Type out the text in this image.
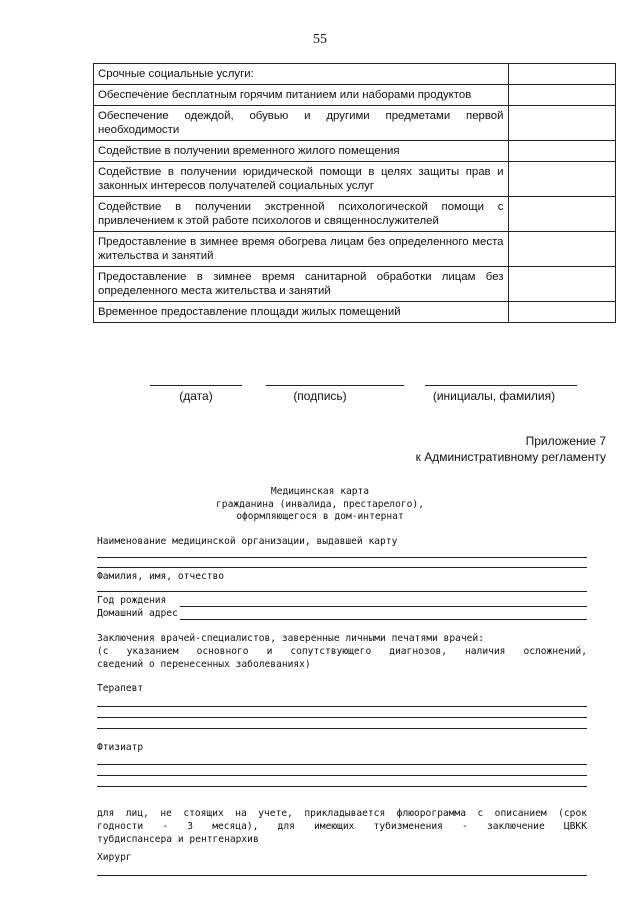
55
Срочные социальные услуги:	
Обеспечение бесплатным горячим питанием или наборами продуктов	
Обеспечение одеждой, обувью и другими предметами первой необходимости	
Содействие в получении временного жилого помещения	
Содействие в получении юридической помощи в целях защиты прав и законных интересов получателей социальных услуг	
Содействие в получении экстренной психологической помощи с привлечением к этой работе психологов и священнослужителей	
Предоставление в зимнее время обогрева лицам без определенного места жительства и занятий	
Предоставление в зимнее время санитарной обработки лицам без определенного места жительства и занятий	
Временное предоставление площади жилых помещений	
(дата)	(подпись)	(инициалы, фамилия)
Приложение 7
к Административному регламенту
Медицинская карта
гражданина (инвалида, престарелого),
оформляющегося в дом-интернат
Наименование медицинской организации, выдавшей карту
Фамилия, имя, отчество
Год рождения
Домашний адрес
Заключения врачей-специалистов, заверенные личными печатями врачей:
(с указанием основного и сопутствующего диагнозов, наличия осложнений,
сведений о перенесенных заболеваниях)
Терапевт
Фтизиатр
для лиц, не стоящих на учете, прикладывается флюорограмма с описанием (срок
годности - 3 месяца), для имеющих тубизменения - заключение ЦВКК
тубдиспансера и рентгенархив
Хирург
